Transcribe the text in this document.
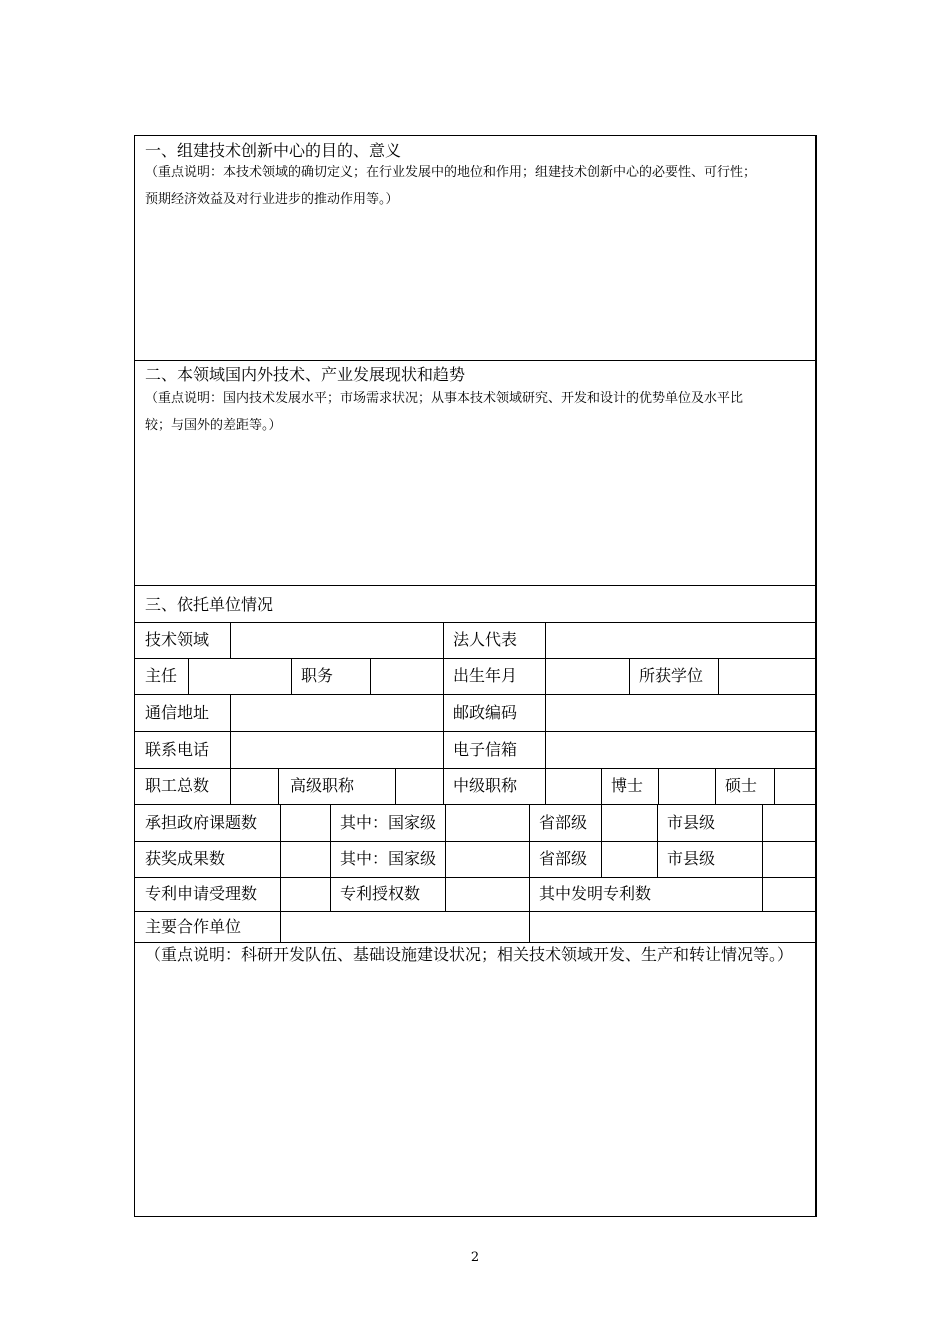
一、组建技术创新中心的目的、意义
（重点说明：本技术领域的确切定义；在行业发展中的地位和作用；组建技术创新中心的必要性、可行性；
预期经济效益及对行业进步的推动作用等。）
二、本领域国内外技术、产业发展现状和趋势
（重点说明：国内技术发展水平；市场需求状况；从事本技术领域研究、开发和设计的优势单位及水平比
较；与国外的差距等。）
三、依托单位情况
技术领域	法人代表
主任	职务	出生年月	所获学位
通信地址	邮政编码
联系电话	电子信箱
职工总数	高级职称	中级职称	博士	硕士
承担政府课题数	其中：国家级	省部级	市县级
获奖成果数	其中：国家级	省部级	市县级
专利申请受理数	专利授权数	其中发明专利数
主要合作单位
（重点说明：科研开发队伍、基础设施建设状况；相关技术领域开发、生产和转让情况等。）
2
